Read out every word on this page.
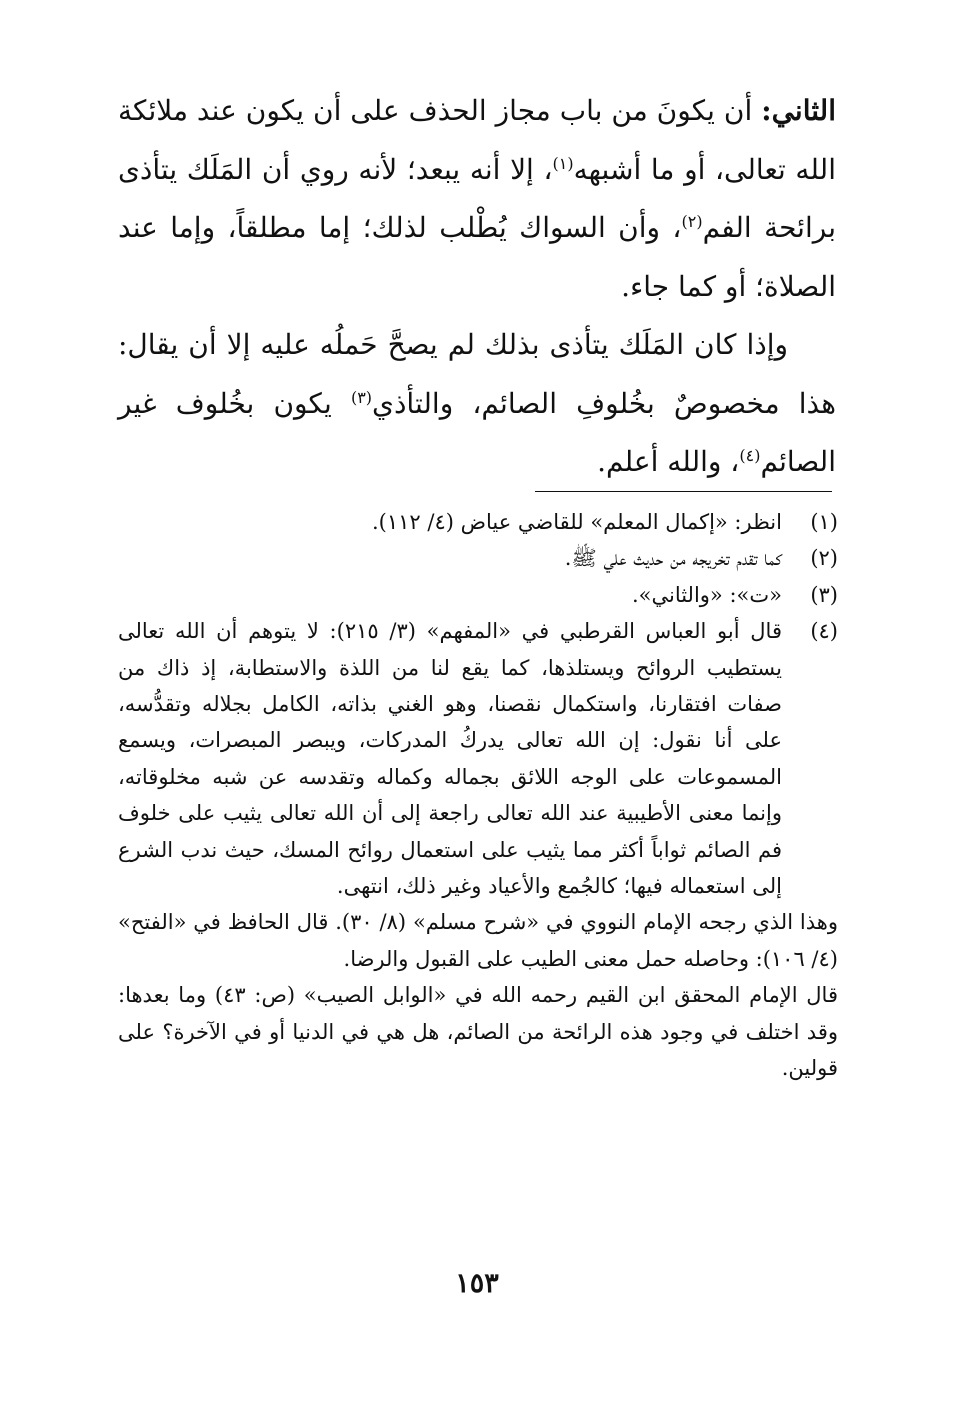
الثاني: أن يكونَ من باب مجاز الحذف على أن يكون عند ملائكة الله تعالى، أو ما أشبهه$^{(١)}$، إلا أنه يبعد؛ لأنه روي أن المَلَك يتأذى برائحة الفم$^{(٢)}$، وأن السواك يُطْلب لذلك؛ إما مطلقاً، وإما عند الصلاة؛ أو كما جاء.

وإذا كان المَلَك يتأذى بذلك لم يصحَّ حَملُه عليه إلا أن يقال: هذا مخصوصٌ بخُلوفِ الصائم، والتأذي$^{(٣)}$ يكون بخُلوف غير الصائم$^{(٤)}$، والله أعلم.

(١)
انظر: «إكمال المعلم» للقاضي عياض (٤/ ١١٢).
(٢)
كما تقدم تخريجه من حديث علي ﷺ.
(٣)
«ت»: «والثاني».
(٤)
قال أبو العباس القرطبي في «المفهم» (٣/ ٢١٥): لا يتوهم أن الله تعالى يستطيب الروائح ويستلذها، كما يقع لنا من اللذة والاستطابة، إذ ذاك من صفات افتقارنا، واستكمال نقصنا، وهو الغني بذاته، الكامل بجلاله وتقدُّسه، على أنا نقول: إن الله تعالى يدركُ المدركات، ويبصر المبصرات، ويسمع المسموعات على الوجه اللائق بجماله وكماله وتقدسه عن شبه مخلوقاته، وإنما معنى الأطيبية عند الله تعالى راجعة إلى أن الله تعالى يثيب على خلوف فم الصائم ثواباً أكثر مما يثيب على استعمال روائح المسك، حيث ندب الشرع إلى استعماله فيها؛ كالجُمع والأعياد وغير ذلك، انتهى.

وهذا الذي رجحه الإمام النووي في «شرح مسلم» (٨/ ٣٠). قال الحافظ في «الفتح» (٤/ ١٠٦): وحاصله حمل معنى الطيب على القبول والرضا.

قال الإمام المحقق ابن القيم رحمه الله في «الوابل الصيب» (ص: ٤٣) وما بعدها: وقد اختلف في وجود هذه الرائحة من الصائم، هل هي في الدنيا أو في الآخرة؟ على قولين.

١٥٣
